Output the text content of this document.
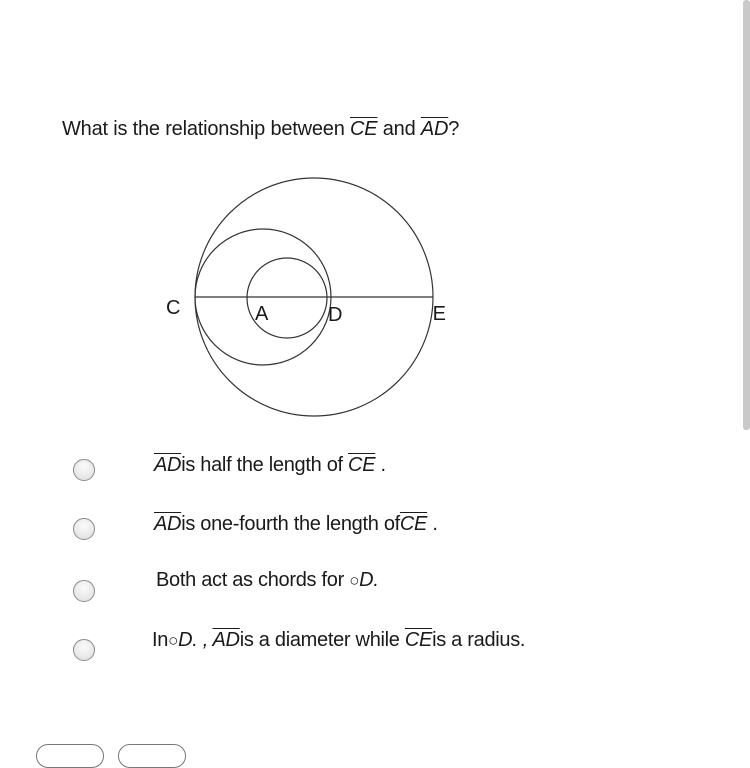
What is the relationship between $\overline{CE}$ and $\overline{AD}$?
C	A	D	E
$\overline{AD}is$ half the length of $\overline{CE}$ .
$\overline{AD}is$ one-fourth the length $of\overline{CE}$ .
Both act as chords for ○D.
In○D. , $\overline{AD}is$ a diameter while $\overline{CE}is$ a radius.
